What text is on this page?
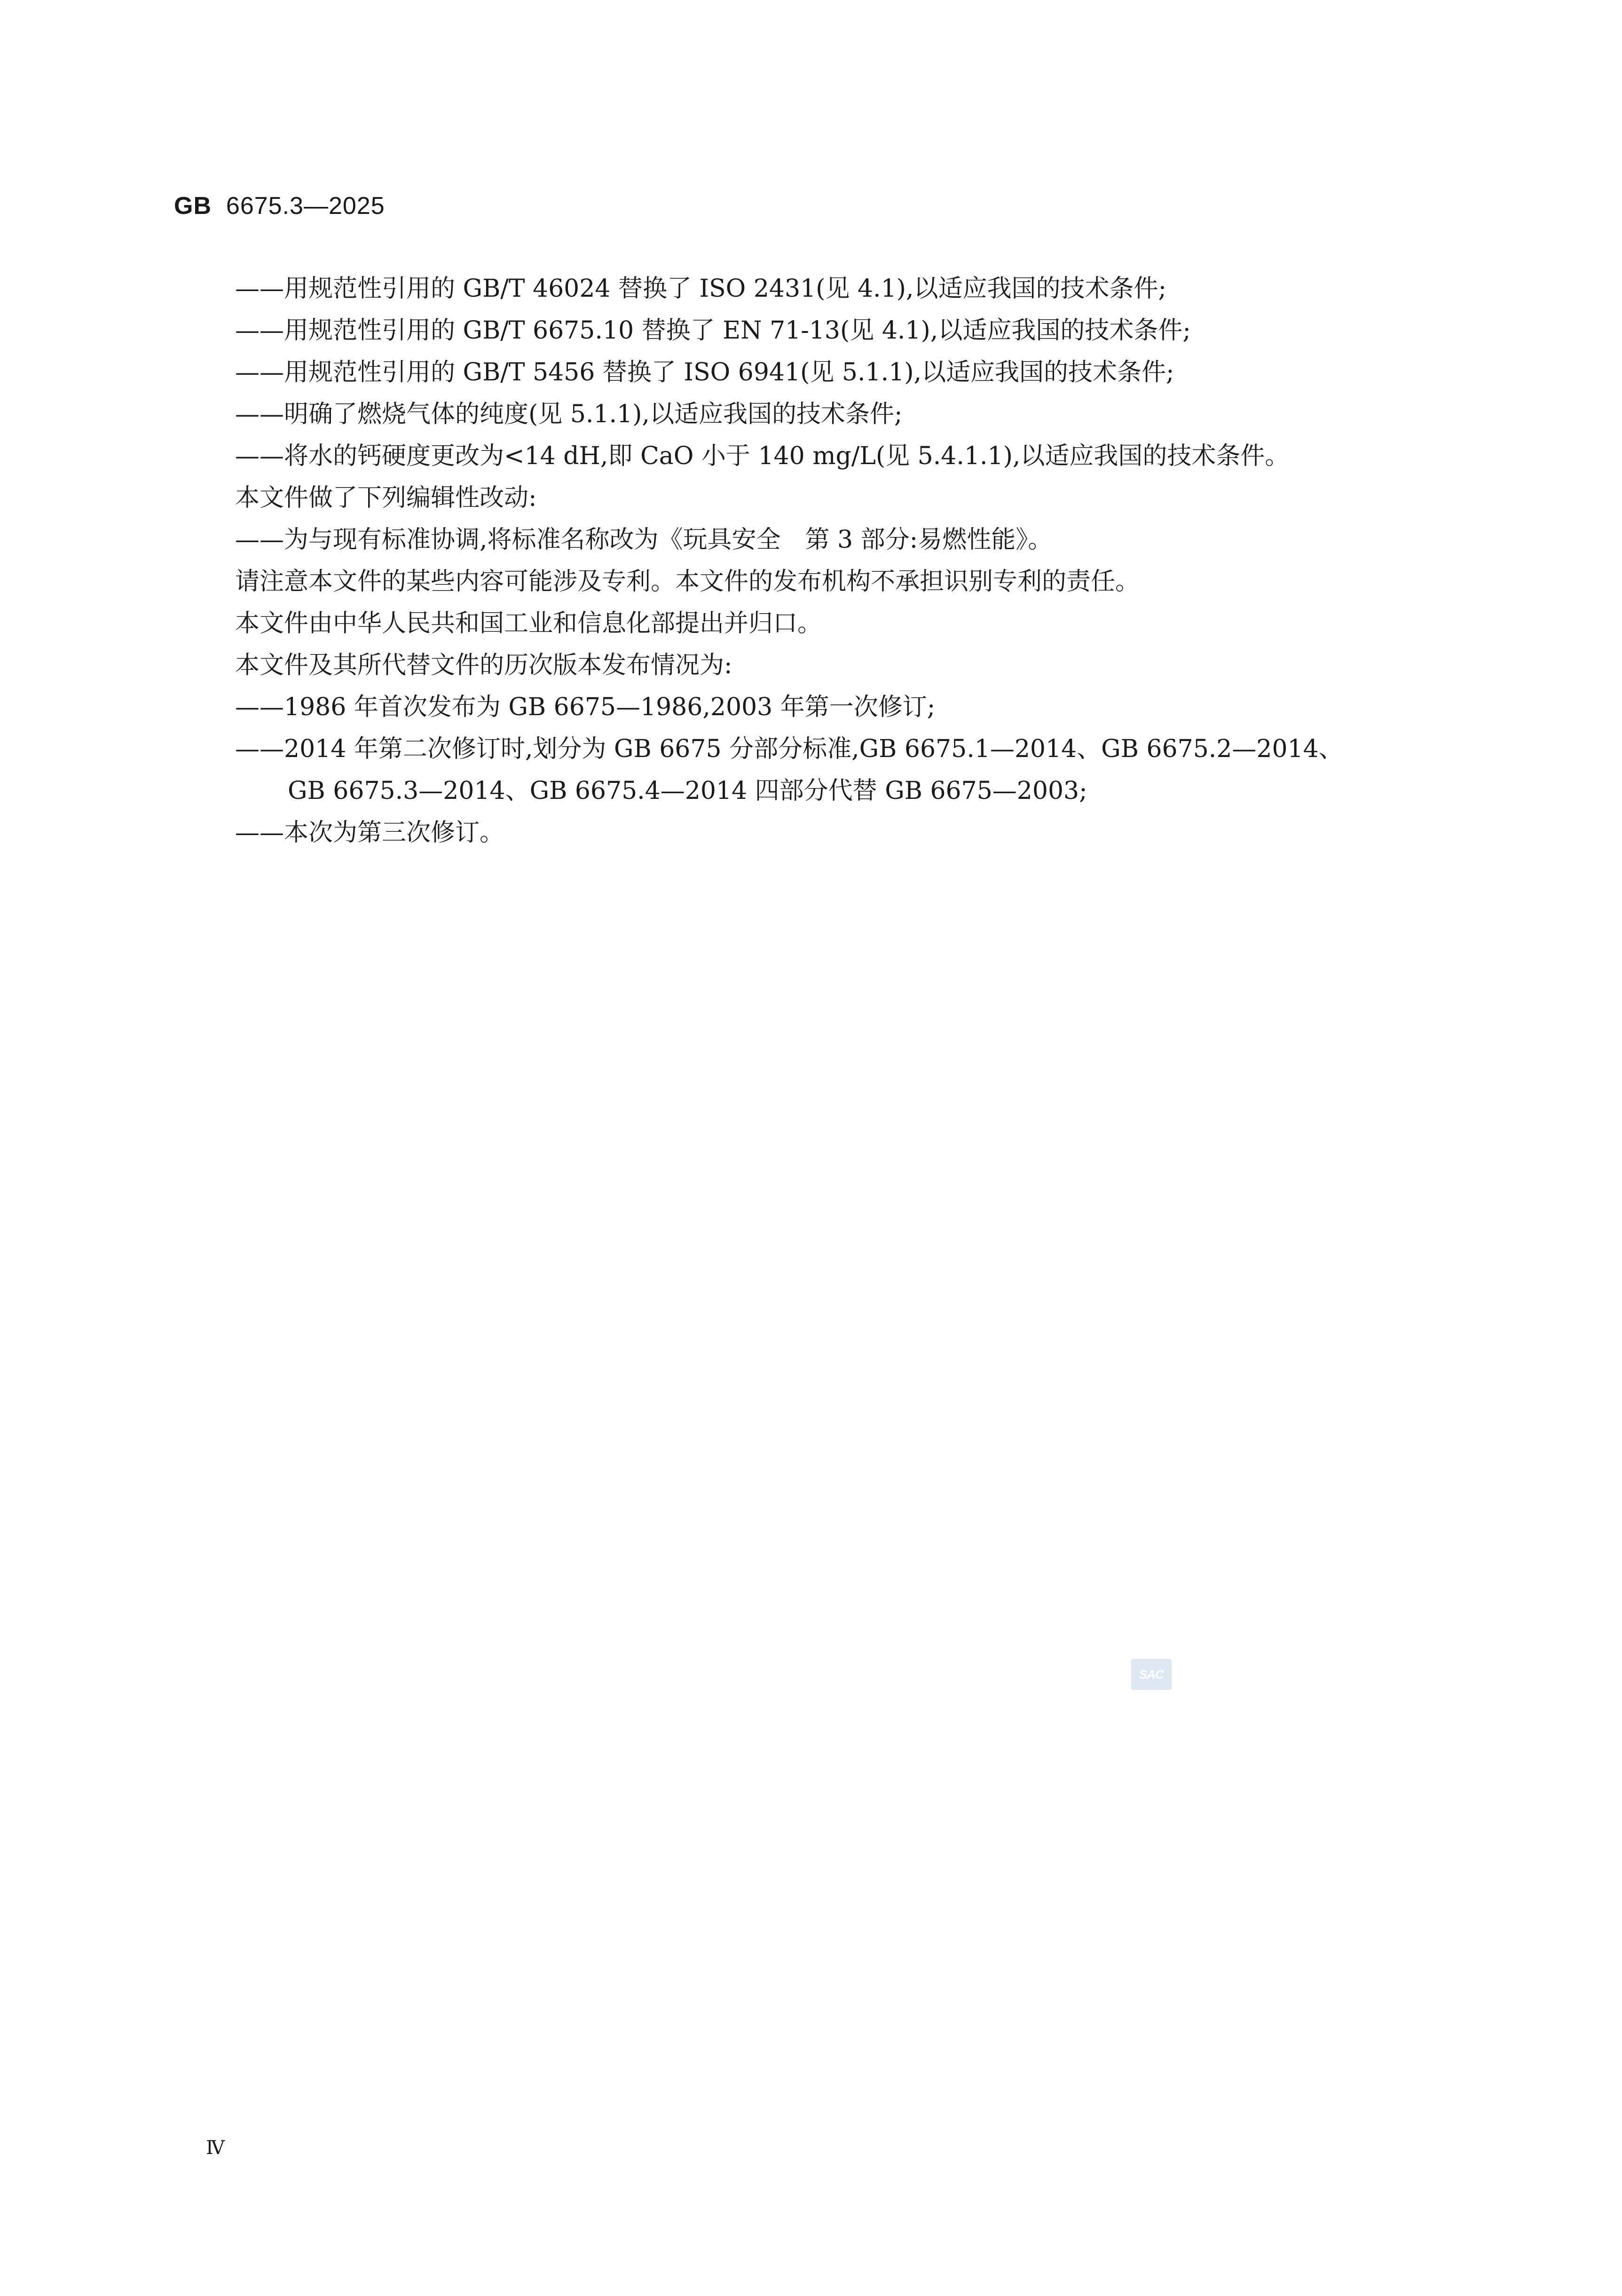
GB 6675.3—2025

——用规范性引用的 GB/T 46024 替换了 ISO 2431(见 4.1),以适应我国的技术条件;

——用规范性引用的 GB/T 6675.10 替换了 EN 71-13(见 4.1),以适应我国的技术条件;

——用规范性引用的 GB/T 5456 替换了 ISO 6941(见 5.1.1),以适应我国的技术条件;

——明确了燃烧气体的纯度(见 5.1.1),以适应我国的技术条件;

——将水的钙硬度更改为<14 dH,即 CaO 小于 140 mg/L(见 5.4.1.1),以适应我国的技术条件。

本文件做了下列编辑性改动:

——为与现有标准协调,将标准名称改为《玩具安全　第 3 部分:易燃性能》。

请注意本文件的某些内容可能涉及专利。本文件的发布机构不承担识别专利的责任。

本文件由中华人民共和国工业和信息化部提出并归口。

本文件及其所代替文件的历次版本发布情况为:

——1986 年首次发布为 GB 6675—1986,2003 年第一次修订;

——2014 年第二次修订时,划分为 GB 6675 分部分标准,GB 6675.1—2014、GB 6675.2—2014、

GB 6675.3—2014、GB 6675.4—2014 四部分代替 GB 6675—2003;

——本次为第三次修订。

SAC
Ⅳ
